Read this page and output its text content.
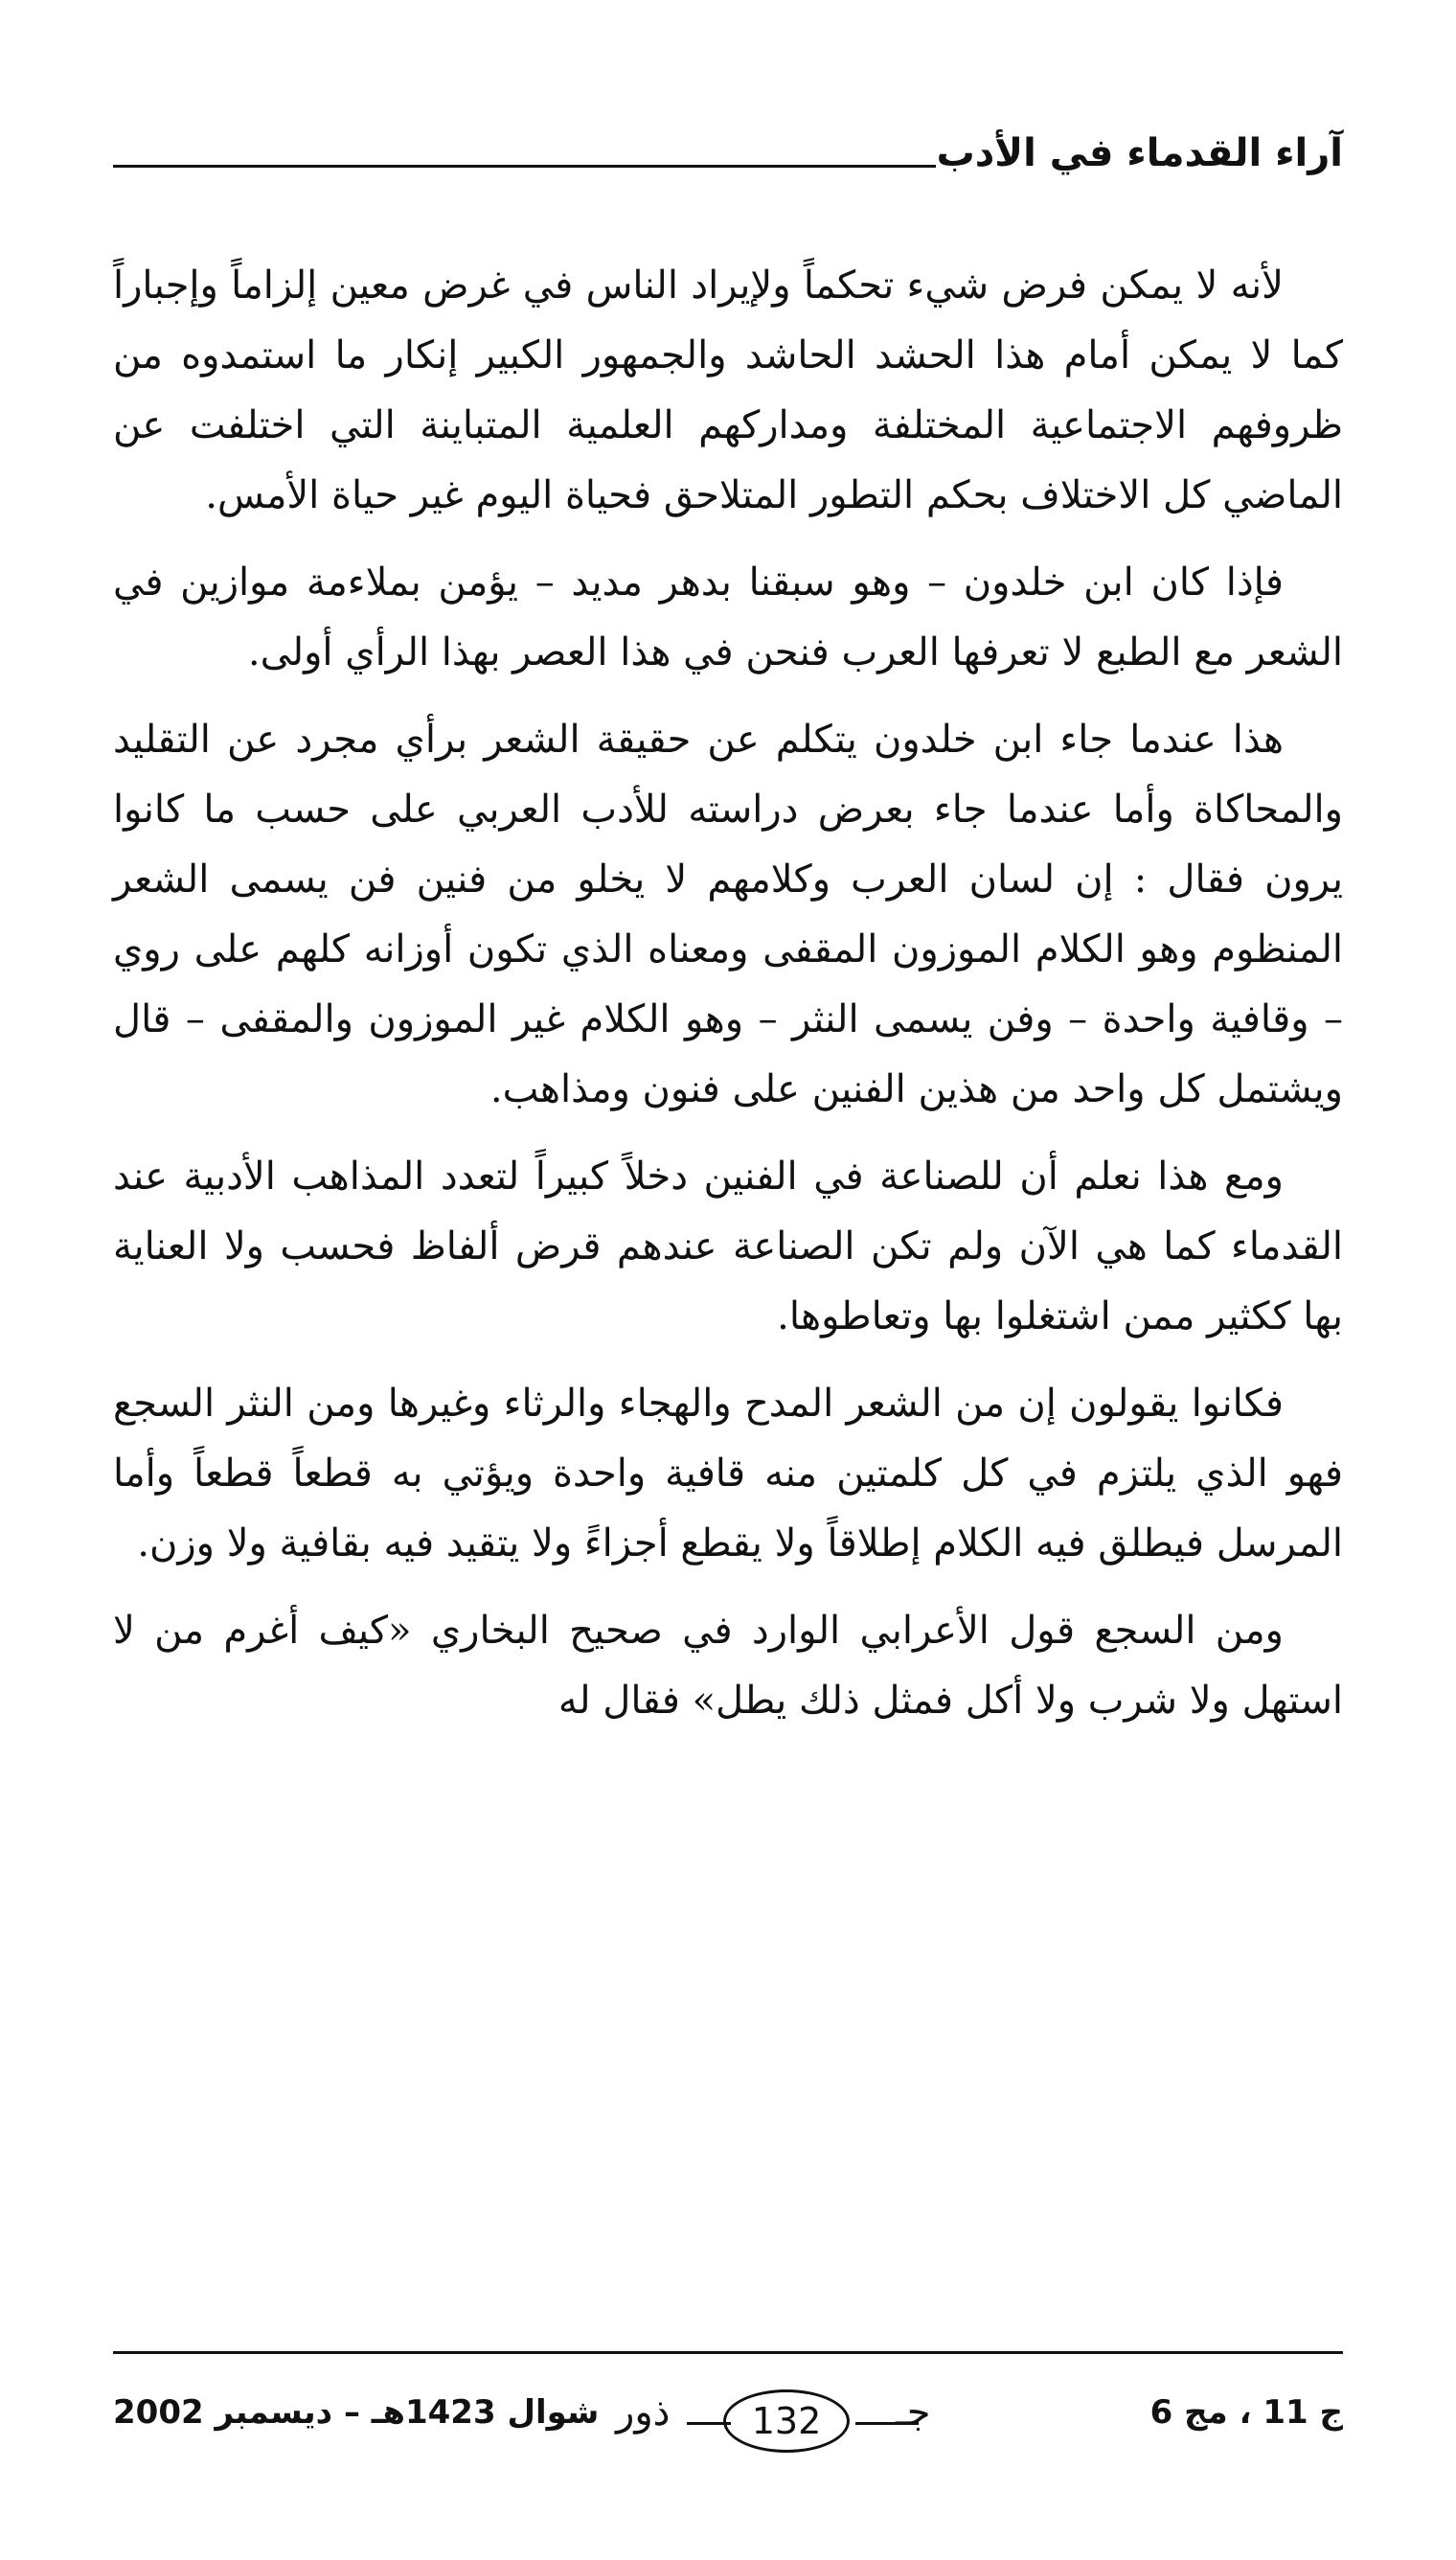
آراء القدماء في الأدب

لأنه لا يمكن فرض شيء تحكماً ولإيراد الناس في غرض معين إلزاماً وإجباراً كما لا يمكن أمام هذا الحشد الحاشد والجمهور الكبير إنكار ما استمدوه من ظروفهم الاجتماعية المختلفة ومداركهم العلمية المتباينة التي اختلفت عن الماضي كل الاختلاف بحكم التطور المتلاحق فحياة اليوم غير حياة الأمس.

فإذا كان ابن خلدون – وهو سبقنا بدهر مديد – يؤمن بملاءمة موازين في الشعر مع الطبع لا تعرفها العرب فنحن في هذا العصر بهذا الرأي أولى.

هذا عندما جاء ابن خلدون يتكلم عن حقيقة الشعر برأي مجرد عن التقليد والمحاكاة وأما عندما جاء بعرض دراسته للأدب العربي على حسب ما كانوا يرون فقال : إن لسان العرب وكلامهم لا يخلو من فنين فن يسمى الشعر المنظوم وهو الكلام الموزون المقفى ومعناه الذي تكون أوزانه كلهم على روي – وقافية واحدة – وفن يسمى النثر – وهو الكلام غير الموزون والمقفى – قال ويشتمل كل واحد من هذين الفنين على فنون ومذاهب.

ومع هذا نعلم أن للصناعة في الفنين دخلاً كبيراً لتعدد المذاهب الأدبية عند القدماء كما هي الآن ولم تكن الصناعة عندهم قرض ألفاظ فحسب ولا العناية بها ككثير ممن اشتغلوا بها وتعاطوها.

فكانوا يقولون إن من الشعر المدح والهجاء والرثاء وغيرها ومن النثر السجع فهو الذي يلتزم في كل كلمتين منه قافية واحدة ويؤتي به قطعاً قطعاً وأما المرسل فيطلق فيه الكلام إطلاقاً ولا يقطع أجزاءً ولا يتقيد فيه بقافية ولا وزن.

ومن السجع قول الأعرابي الوارد في صحيح البخاري «كيف أغرم من لا استهل ولا شرب ولا أكل فمثل ذلك يطل» فقال له

ج 11 ، مج 6
جـ
132
ذور
شوال 1423هـ – ديسمبر 2002
